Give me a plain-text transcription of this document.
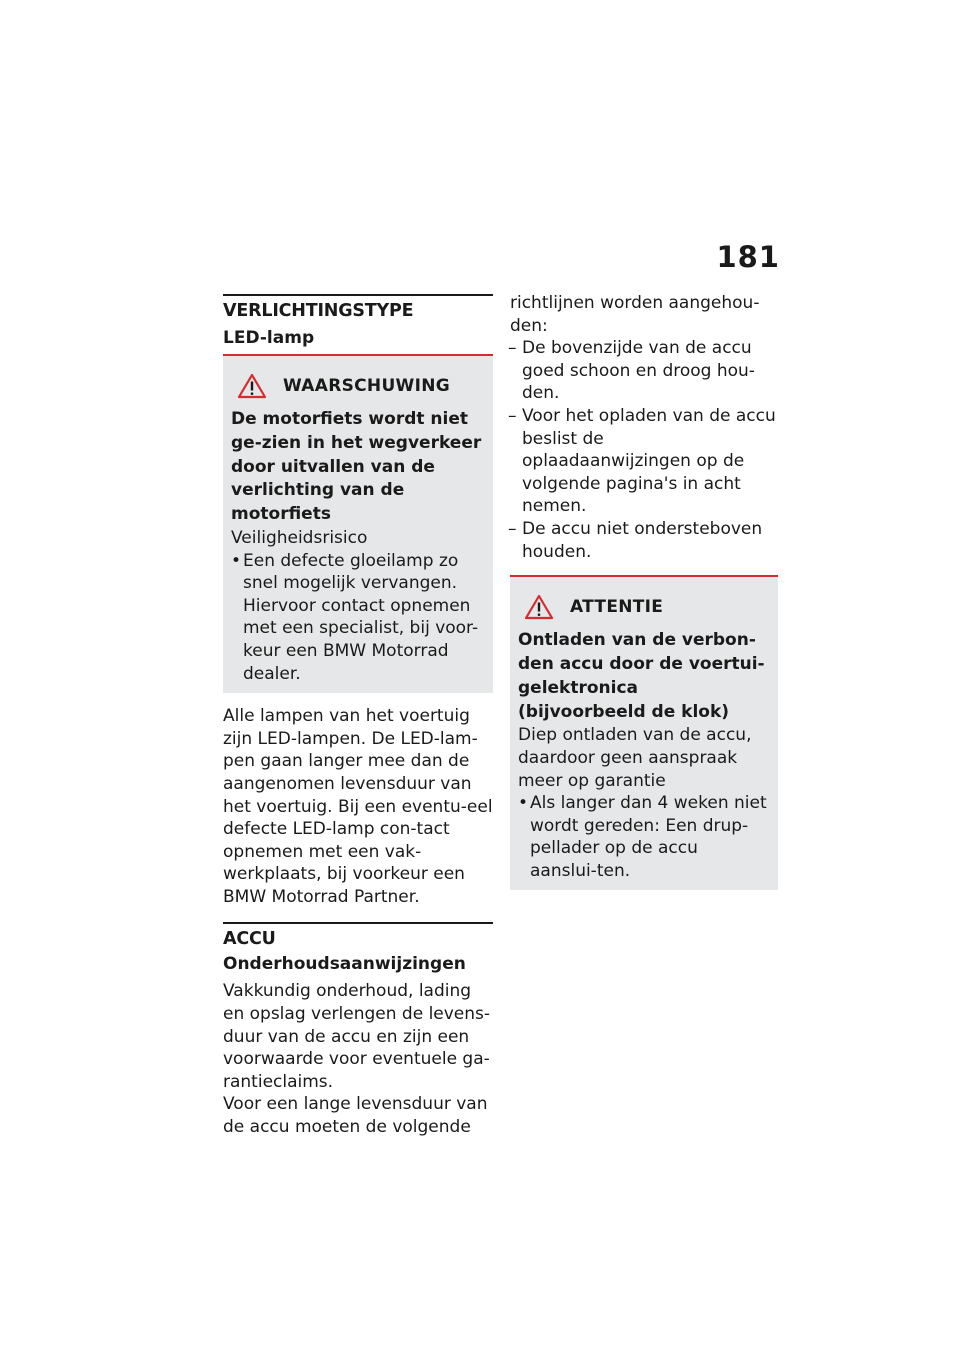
181
VERLICHTINGSTYPE
LED-lamp
WAARSCHUWING

De motorfiets wordt niet ge-zien in het wegverkeer door uitvallen van de verlichting van de motorfiets

Veiligheidsrisico

• Een defecte gloeilamp zo snel mogelijk vervangen. Hiervoor contact opnemen met een specialist, bij voor-keur een BMW Motorrad dealer.

Alle lampen van het voertuig zijn LED-lampen. De LED-lam-pen gaan langer mee dan de aangenomen levensduur van het voertuig. Bij een eventu-eel defecte LED-lamp con-tact opnemen met een vak-werkplaats, bij voorkeur een BMW Motorrad Partner.

ACCU
Onderhoudsaanwijzingen

Vakkundig onderhoud, lading en opslag verlengen de levens-duur van de accu en zijn een voorwaarde voor eventuele ga-rantieclaims.

Voor een lange levensduur van de accu moeten de volgende

richtlijnen worden aangehou-den:

– De bovenzijde van de accu goed schoon en droog hou-den.
– Voor het opladen van de accu beslist de oplaadaanwijzingen op de volgende pagina's in acht nemen.
– De accu niet ondersteboven houden.
ATTENTIE

Ontladen van de verbon-den accu door de voertui-gelektronica (bijvoorbeeld de klok)

Diep ontladen van de accu, daardoor geen aanspraak meer op garantie

• Als langer dan 4 weken niet wordt gereden: Een drup-pellader op de accu aanslui-ten.
